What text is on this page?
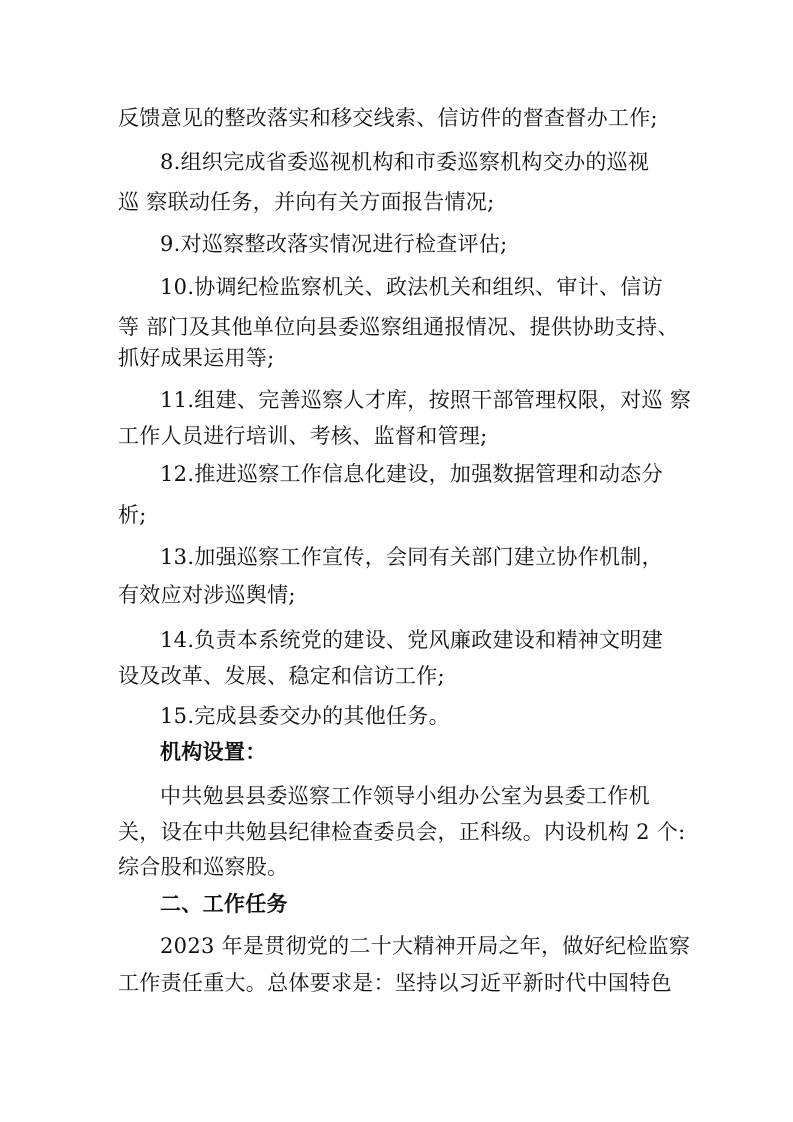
反馈意见的整改落实和移交线索、信访件的督查督办工作;
8.组织完成省委巡视机构和市委巡察机构交办的巡视
巡 察联动任务，并向有关方面报告情况;
9.对巡察整改落实情况进行检查评估;
10.协调纪检监察机关、政法机关和组织、审计、信访
等 部门及其他单位向县委巡察组通报情况、提供协助支持、
抓好成果运用等;
11.组建、完善巡察人才库，按照干部管理权限，对巡 察
工作人员进行培训、考核、监督和管理;
12.推进巡察工作信息化建设，加强数据管理和动态分
析;
13.加强巡察工作宣传，会同有关部门建立协作机制，
有效应对涉巡舆情;
14.负责本系统党的建设、党风廉政建设和精神文明建
设及改革、发展、稳定和信访工作;
15.完成县委交办的其他任务。
机构设置：
中共勉县县委巡察工作领导小组办公室为县委工作机
关，设在中共勉县纪律检查委员会，正科级。内设机构 2 个:
综合股和巡察股。
二、工作任务
2023 年是贯彻党的二十大精神开局之年，做好纪检监察
工作责任重大。总体要求是：坚持以习近平新时代中国特色
